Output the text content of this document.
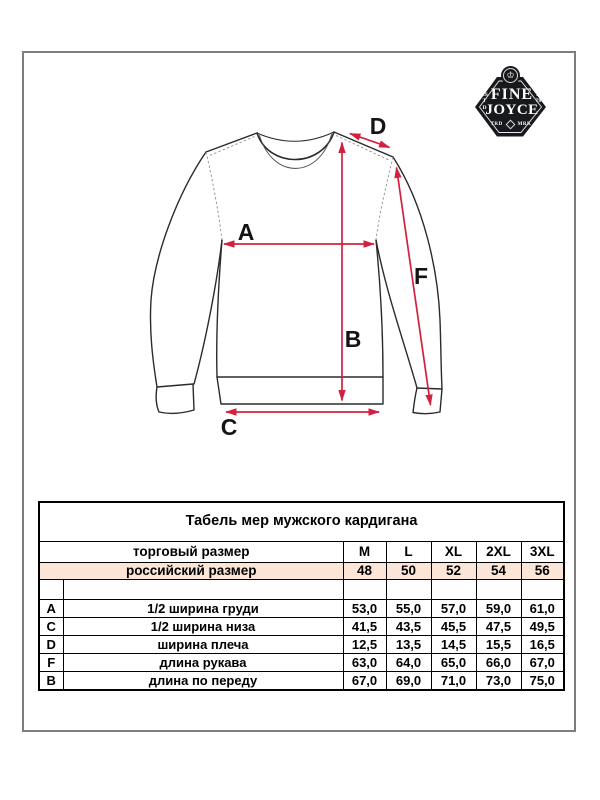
A
B
C
D
F
♔
FINE
JOYCE
ESTD
1978
TRD	MRK
Табель мер мужского кардигана						
торговый размер		M	L	XL	2XL	3XL
российский размер		48	50	52	54	56

A	1/2 ширина груди	53,0	55,0	57,0	59,0	61,0
C	1/2 ширина низа	41,5	43,5	45,5	47,5	49,5
D	ширина плеча	12,5	13,5	14,5	15,5	16,5
F	длина рукава	63,0	64,0	65,0	66,0	67,0
B	длина по переду	67,0	69,0	71,0	73,0	75,0
